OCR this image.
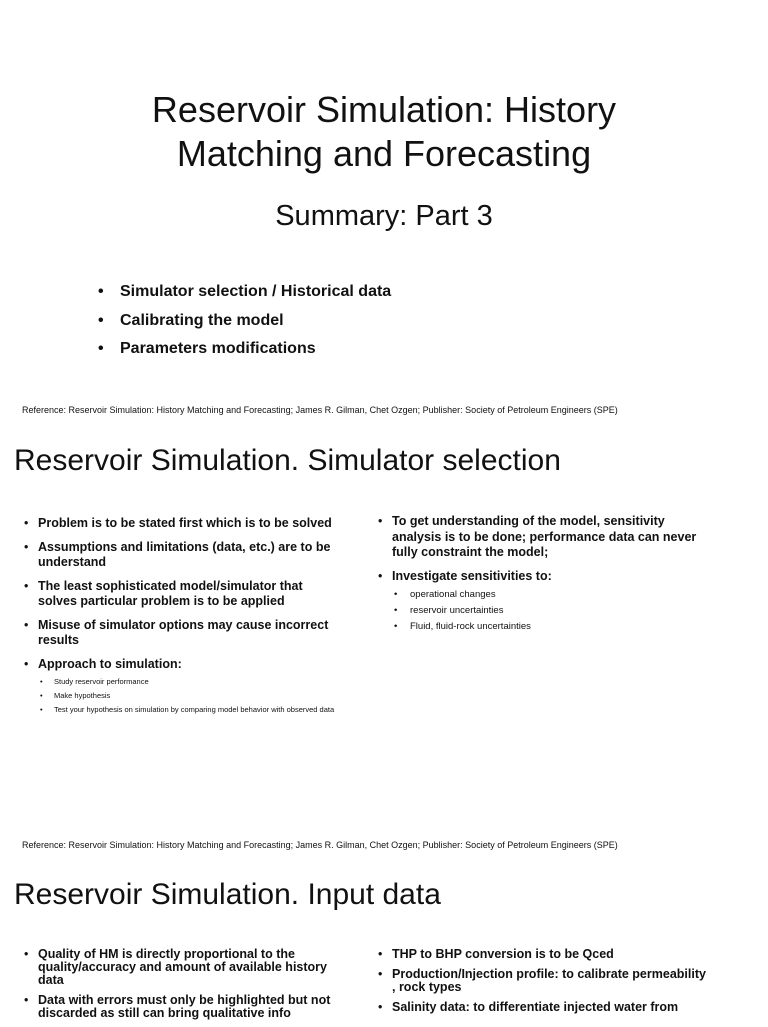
Reservoir Simulation: History
Matching and Forecasting
Summary: Part 3
• Simulator selection / Historical data
• Calibrating the model
• Parameters modifications
Reference: Reservoir Simulation: History Matching and Forecasting; James R. Gilman, Chet Ozgen; Publisher: Society of Petroleum Engineers (SPE)
Reservoir Simulation. Simulator selection
• Problem is to be stated first which is to be solved
• Assumptions and limitations (data, etc.) are to be understand
• The least sophisticated model/simulator that solves particular problem is to be applied
• Misuse of simulator options may cause incorrect results
• Approach to simulation:
• Study reservoir performance
• Make hypothesis
• Test your hypothesis on simulation by comparing model behavior with observed data
• To get understanding of the model, sensitivity analysis is to be done; performance data can never fully constraint the model;
• Investigate sensitivities to:
• operational changes
• reservoir uncertainties
• Fluid, fluid-rock uncertainties
Reference: Reservoir Simulation: History Matching and Forecasting; James R. Gilman, Chet Ozgen; Publisher: Society of Petroleum Engineers (SPE)
Reservoir Simulation. Input data
• Quality of HM is directly proportional to the quality/accuracy and amount of available history data
• Data with errors must only be highlighted but not discarded as still can bring qualitative info
• THP to BHP conversion is to be Qced
• Production/Injection profile: to calibrate permeability , rock types
• Salinity data: to differentiate injected water from
